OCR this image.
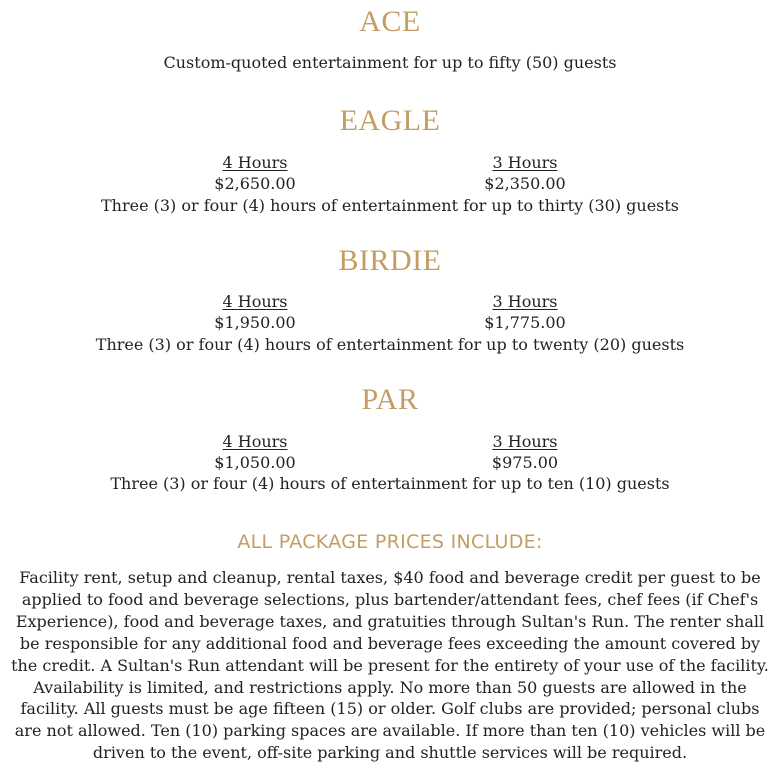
ACE
Custom-quoted entertainment for up to fifty (50) guests
EAGLE
4 Hours
$2,650.00
3 Hours
$2,350.00
Three (3) or four (4) hours of entertainment for up to thirty (30) guests
BIRDIE
4 Hours
$1,950.00
3 Hours
$1,775.00
Three (3) or four (4) hours of entertainment for up to twenty (20) guests
PAR
4 Hours
$1,050.00
3 Hours
$975.00
Three (3) or four (4) hours of entertainment for up to ten (10) guests
ALL PACKAGE PRICES INCLUDE:

Facility rent, setup and cleanup, rental taxes, $40 food and beverage credit per guest to be applied to food and beverage selections, plus bartender/attendant fees, chef fees (if Chef's Experience), food and beverage taxes, and gratuities through Sultan's Run. The renter shall be responsible for any additional food and beverage fees exceeding the amount covered by the credit. A Sultan's Run attendant will be present for the entirety of your use of the facility. Availability is limited, and restrictions apply. No more than 50 guests are allowed in the facility. All guests must be age fifteen (15) or older. Golf clubs are provided; personal clubs are not allowed. Ten (10) parking spaces are available. If more than ten (10) vehicles will be driven to the event, off-site parking and shuttle services will be required.
